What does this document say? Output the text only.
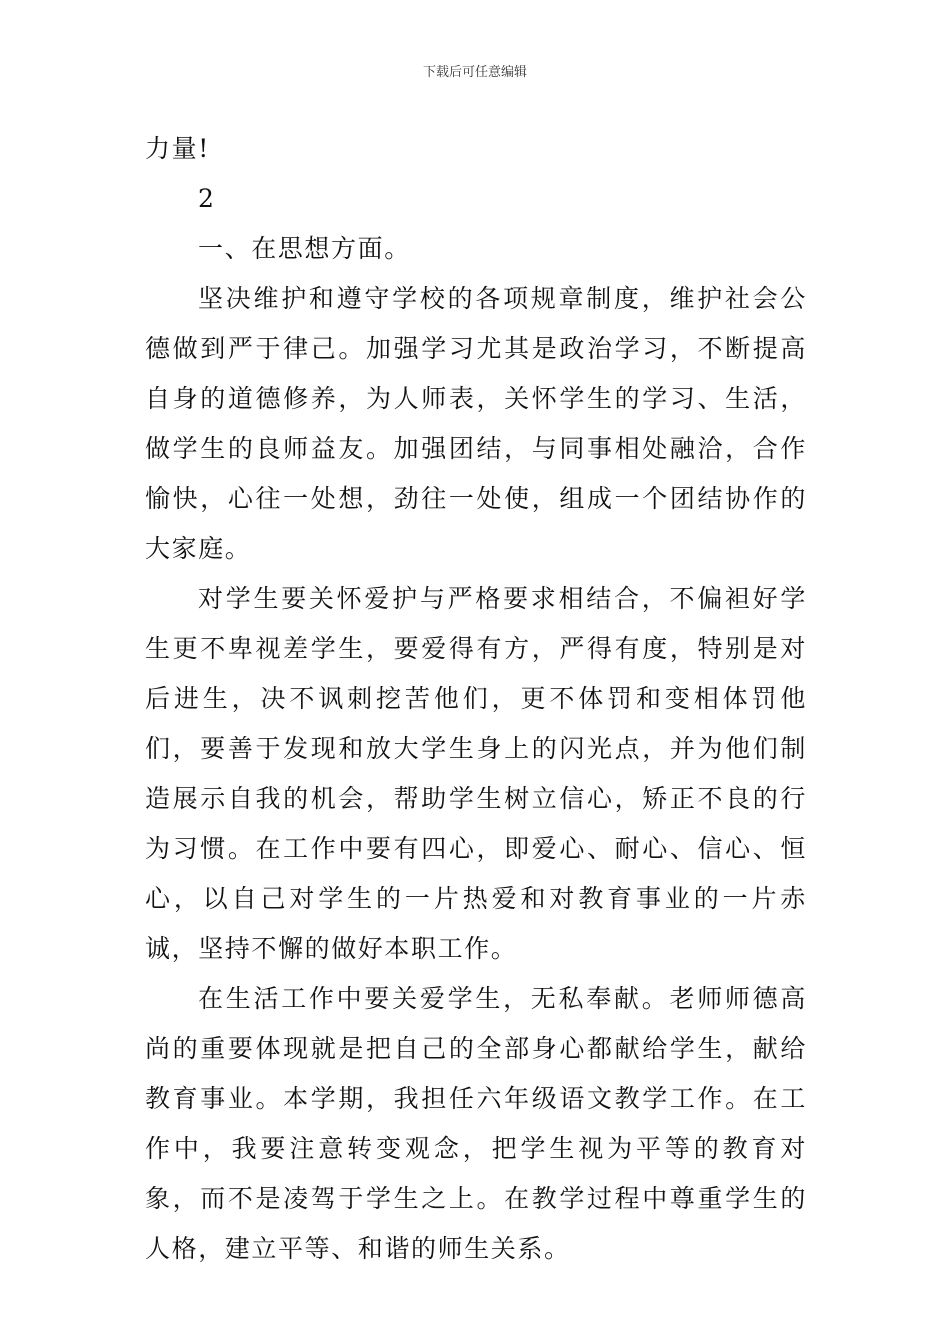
下载后可任意编辑

力量!

2

一、在思想方面。

坚决维护和遵守学校的各项规章制度，维护社会公德做到严于律己。加强学习尤其是政治学习，不断提高自身的道德修养，为人师表，关怀学生的学习、生活，做学生的良师益友。加强团结，与同事相处融洽，合作愉快，心往一处想，劲往一处使，组成一个团结协作的大家庭。

对学生要关怀爱护与严格要求相结合，不偏袒好学生更不卑视差学生，要爱得有方，严得有度，特别是对后进生，决不讽刺挖苦他们，更不体罚和变相体罚他们，要善于发现和放大学生身上的闪光点，并为他们制造展示自我的机会，帮助学生树立信心，矫正不良的行为习惯。在工作中要有四心，即爱心、耐心、信心、恒心，以自己对学生的一片热爱和对教育事业的一片赤诚，坚持不懈的做好本职工作。

在生活工作中要关爱学生，无私奉献。老师师德高尚的重要体现就是把自己的全部身心都献给学生，献给教育事业。本学期，我担任六年级语文教学工作。在工作中，我要注意转变观念，把学生视为平等的教育对象，而不是凌驾于学生之上。在教学过程中尊重学生的人格，建立平等、和谐的师生关系。
